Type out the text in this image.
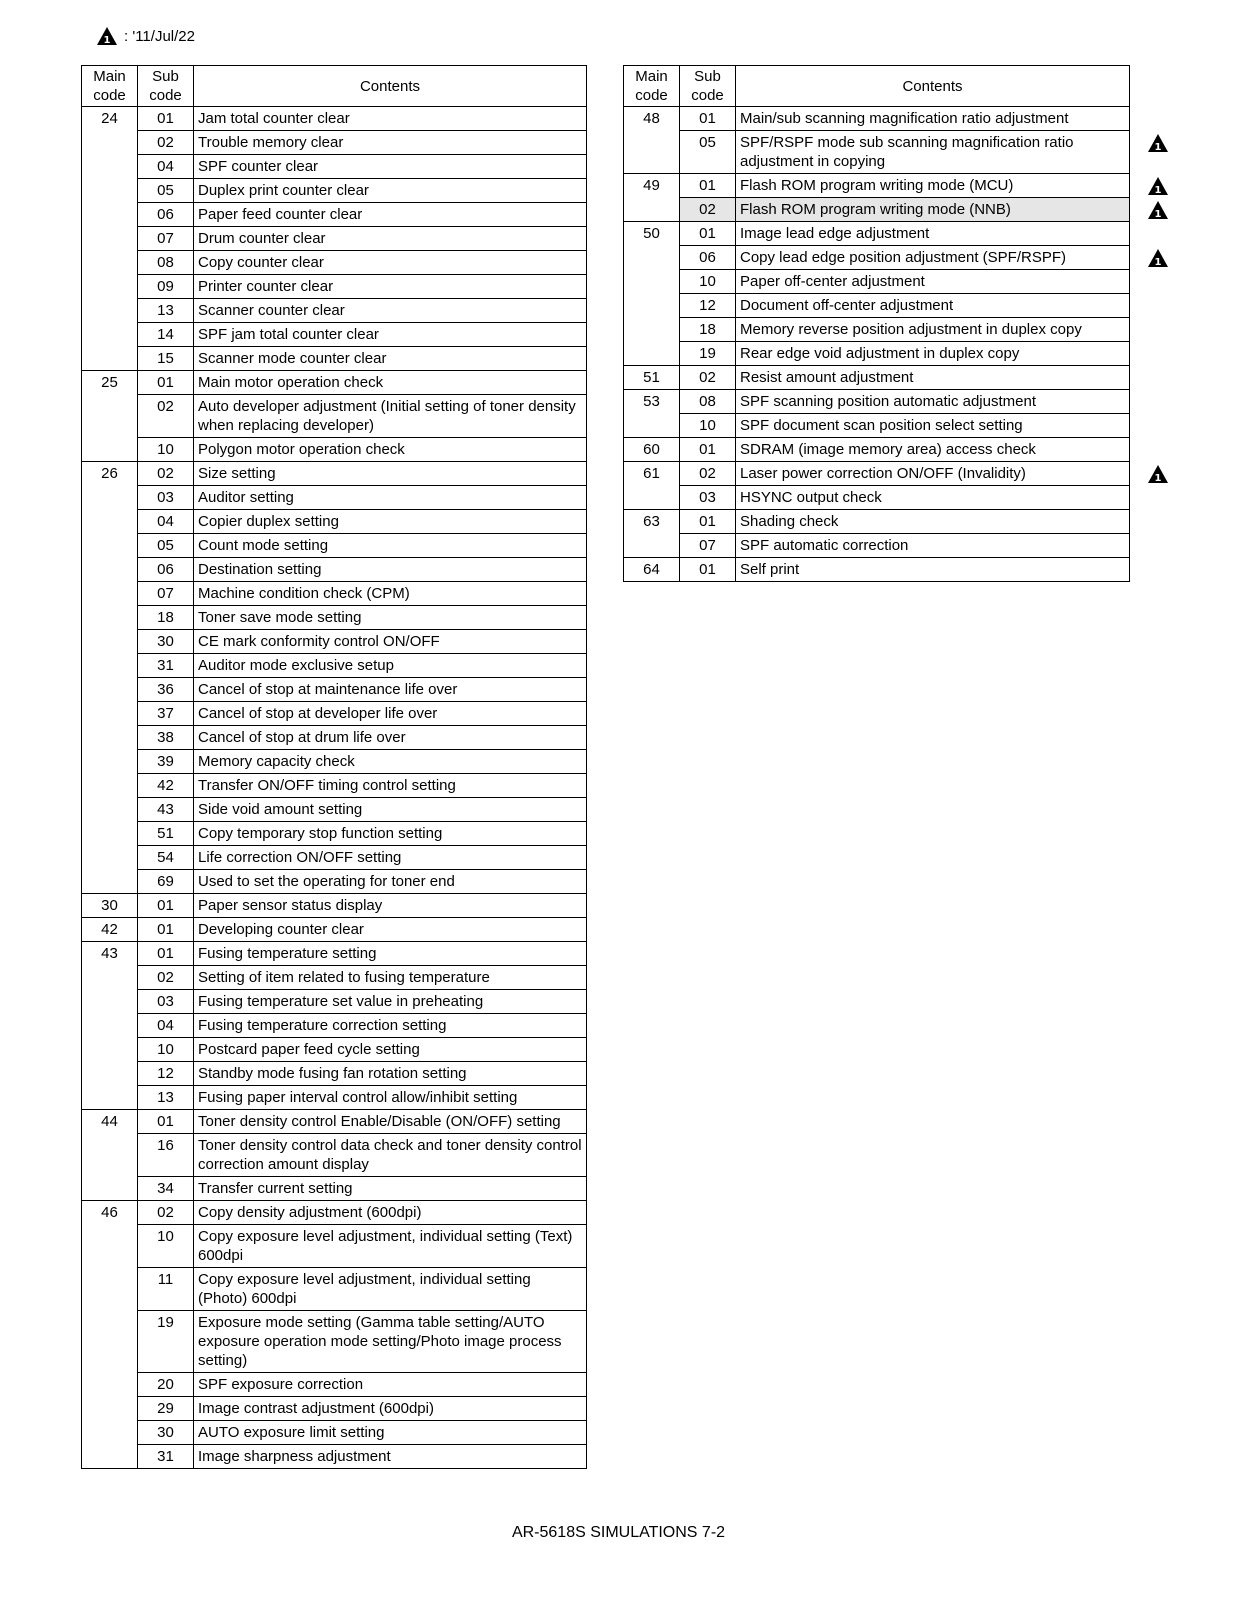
1 : '11/Jul/22
Main code	Sub code	Contents
24	01	Jam total counter clear
	02	Trouble memory clear
	04	SPF counter clear
	05	Duplex print counter clear
	06	Paper feed counter clear
	07	Drum counter clear
	08	Copy counter clear
	09	Printer counter clear
	13	Scanner counter clear
	14	SPF jam total counter clear
	15	Scanner mode counter clear
25	01	Main motor operation check
	02	Auto developer adjustment (Initial setting of toner density when replacing developer)
	10	Polygon motor operation check
26	02	Size setting
	03	Auditor setting
	04	Copier duplex setting
	05	Count mode setting
	06	Destination setting
	07	Machine condition check (CPM)
	18	Toner save mode setting
	30	CE mark conformity control ON/OFF
	31	Auditor mode exclusive setup
	36	Cancel of stop at maintenance life over
	37	Cancel of stop at developer life over
	38	Cancel of stop at drum life over
	39	Memory capacity check
	42	Transfer ON/OFF timing control setting
	43	Side void amount setting
	51	Copy temporary stop function setting
	54	Life correction ON/OFF setting
	69	Used to set the operating for toner end
30	01	Paper sensor status display
42	01	Developing counter clear
43	01	Fusing temperature setting
	02	Setting of item related to fusing temperature
	03	Fusing temperature set value in preheating
	04	Fusing temperature correction setting
	10	Postcard paper feed cycle setting
	12	Standby mode fusing fan rotation setting
	13	Fusing paper interval control allow/inhibit setting
44	01	Toner density control Enable/Disable (ON/OFF) setting
	16	Toner density control data check and toner density control correction amount display
	34	Transfer current setting
46	02	Copy density adjustment (600dpi)
	10	Copy exposure level adjustment, individual setting (Text) 600dpi
	11	Copy exposure level adjustment, individual setting (Photo) 600dpi
	19	Exposure mode setting (Gamma table setting/AUTO exposure operation mode setting/Photo image process setting)
	20	SPF exposure correction
	29	Image contrast adjustment (600dpi)
	30	AUTO exposure limit setting
	31	Image sharpness adjustment
Main code	Sub code	Contents
48	01	Main/sub scanning magnification ratio adjustment
	05	SPF/RSPF mode sub scanning magnification ratio adjustment in copying
49	01	Flash ROM program writing mode (MCU)
	02	Flash ROM program writing mode (NNB)
50	01	Image lead edge adjustment
	06	Copy lead edge position adjustment (SPF/RSPF)
	10	Paper off-center adjustment
	12	Document off-center adjustment
	18	Memory reverse position adjustment in duplex copy
	19	Rear edge void adjustment in duplex copy
51	02	Resist amount adjustment
53	08	SPF scanning position automatic adjustment
	10	SPF document scan position select setting
60	01	SDRAM (image memory area) access check
61	02	Laser power correction ON/OFF (Invalidity)
	03	HSYNC output check
63	01	Shading check
	07	SPF automatic correction
64	01	Self print
1
1
1
1
1
AR-5618S SIMULATIONS 7-2
